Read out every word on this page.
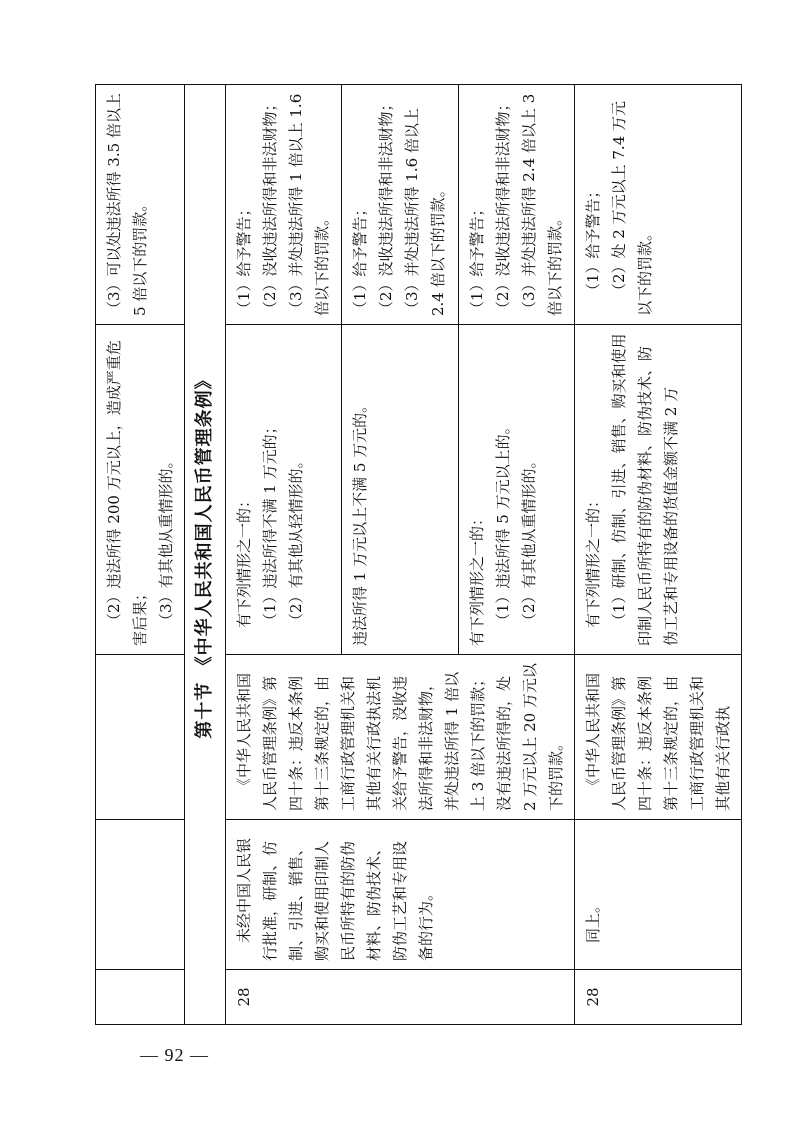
— 92 —

			（2）违法所得 200 万元以上，造成严重危害后果； （3）有其他从重情形的。	（3）可以处违法所得 3.5 倍以上 5 倍以下的罚款。

第十节 《中华人民共和国人民币管理条例》				

28	未经中国人民银行批准，研制、仿制、引进、销售、购买和使用印制人民币所特有的防伪材料、防伪技术、防伪工艺和专用设备的行为。	《中华人民共和国人民币管理条例》第四十条：违反本条例第十三条规定的，由工商行政管理机关和其他有关行政执法机关给予警告，没收违法所得和非法财物，并处违法所得 1 倍以上 3 倍以下的罚款；没有违法所得的，处 2 万元以上 20 万元以下的罚款。	有下列情形之一的： （1）违法所得不满 1 万元的； （2）有其他从轻情形的。	（1）给予警告； （2）没收违法所得和非法财物； （3）并处违法所得 1 倍以上 1.6 倍以下的罚款。

			违法所得 1 万元以上不满 5 万元的。	（1）给予警告； （2）没收违法所得和非法财物； （3）并处违法所得 1.6 倍以上 2.4 倍以下的罚款。

			有下列情形之一的： （1）违法所得 5 万元以上的。 （2）有其他从重情形的。	（1）给予警告； （2）没收违法所得和非法财物； （3）并处违法所得 2.4 倍以上 3 倍以下的罚款。

28	同上。	《中华人民共和国人民币管理条例》第四十条：违反本条例第十三条规定的，由工商行政管理机关和其他有关行政执	有下列情形之一的： （1）研制、仿制、引进、销售、购买和使用印制人民币所特有的防伪材料、防伪技术、防伪工艺和专用设备的货值金额不满 2 万	（1）给予警告； （2）处 2 万元以上 7.4 万元以下的罚款。
